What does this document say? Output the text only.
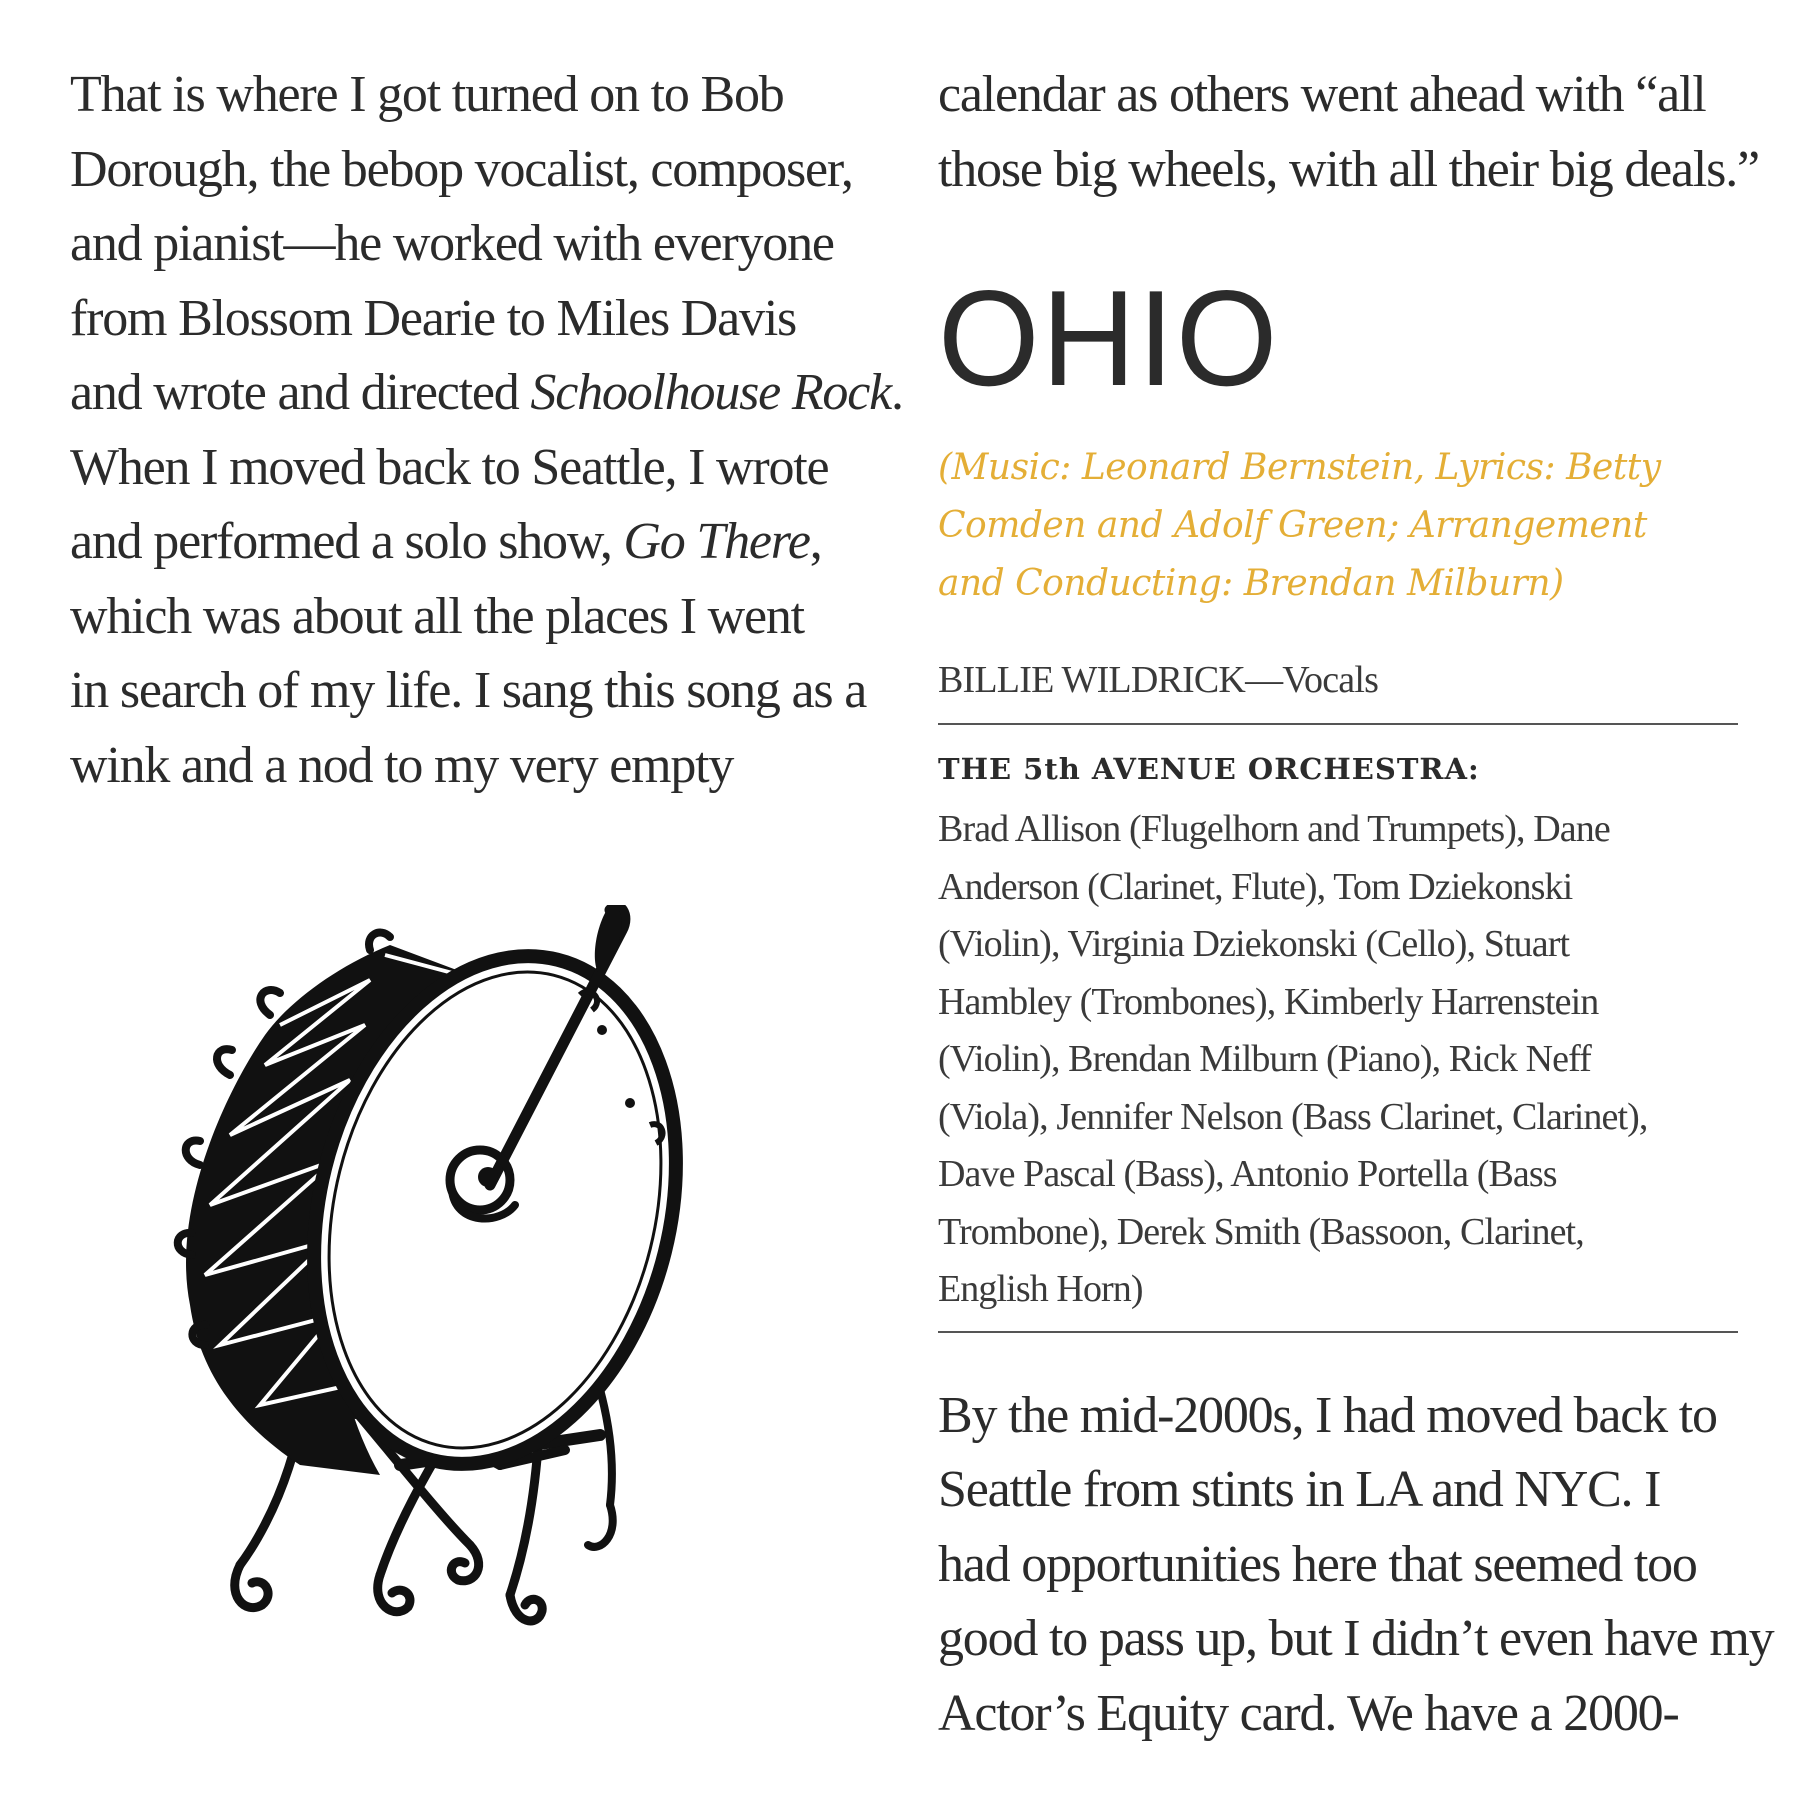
That is where I got turned on to Bob

Dorough, the bebop vocalist, composer,

and pianist—he worked with everyone

from Blossom Dearie to Miles Davis

and wrote and directed Schoolhouse Rock.

When I moved back to Seattle, I wrote

and performed a solo show, Go There,

which was about all the places I went

in search of my life. I sang this song as a

wink and a nod to my very empty

calendar as others went ahead with “all

those big wheels, with all their big deals.”

OHIO

(Music: Leonard Bernstein, Lyrics: Betty

Comden and Adolf Green; Arrangement

and Conducting: Brendan Milburn)

BILLIE WILDRICK—Vocals
THE 5th AVENUE ORCHESTRA:

Brad Allison (Flugelhorn and Trumpets), Dane

Anderson (Clarinet, Flute), Tom Dziekonski

(Violin), Virginia Dziekonski (Cello), Stuart

Hambley (Trombones), Kimberly Harrenstein

(Violin), Brendan Milburn (Piano), Rick Neff

(Viola), Jennifer Nelson (Bass Clarinet, Clarinet),

Dave Pascal (Bass), Antonio Portella (Bass

Trombone), Derek Smith (Bassoon, Clarinet,

English Horn)

By the mid-2000s, I had moved back to

Seattle from stints in LA and NYC. I

had opportunities here that seemed too

good to pass up, but I didn’t even have my

Actor’s Equity card. We have a 2000-
